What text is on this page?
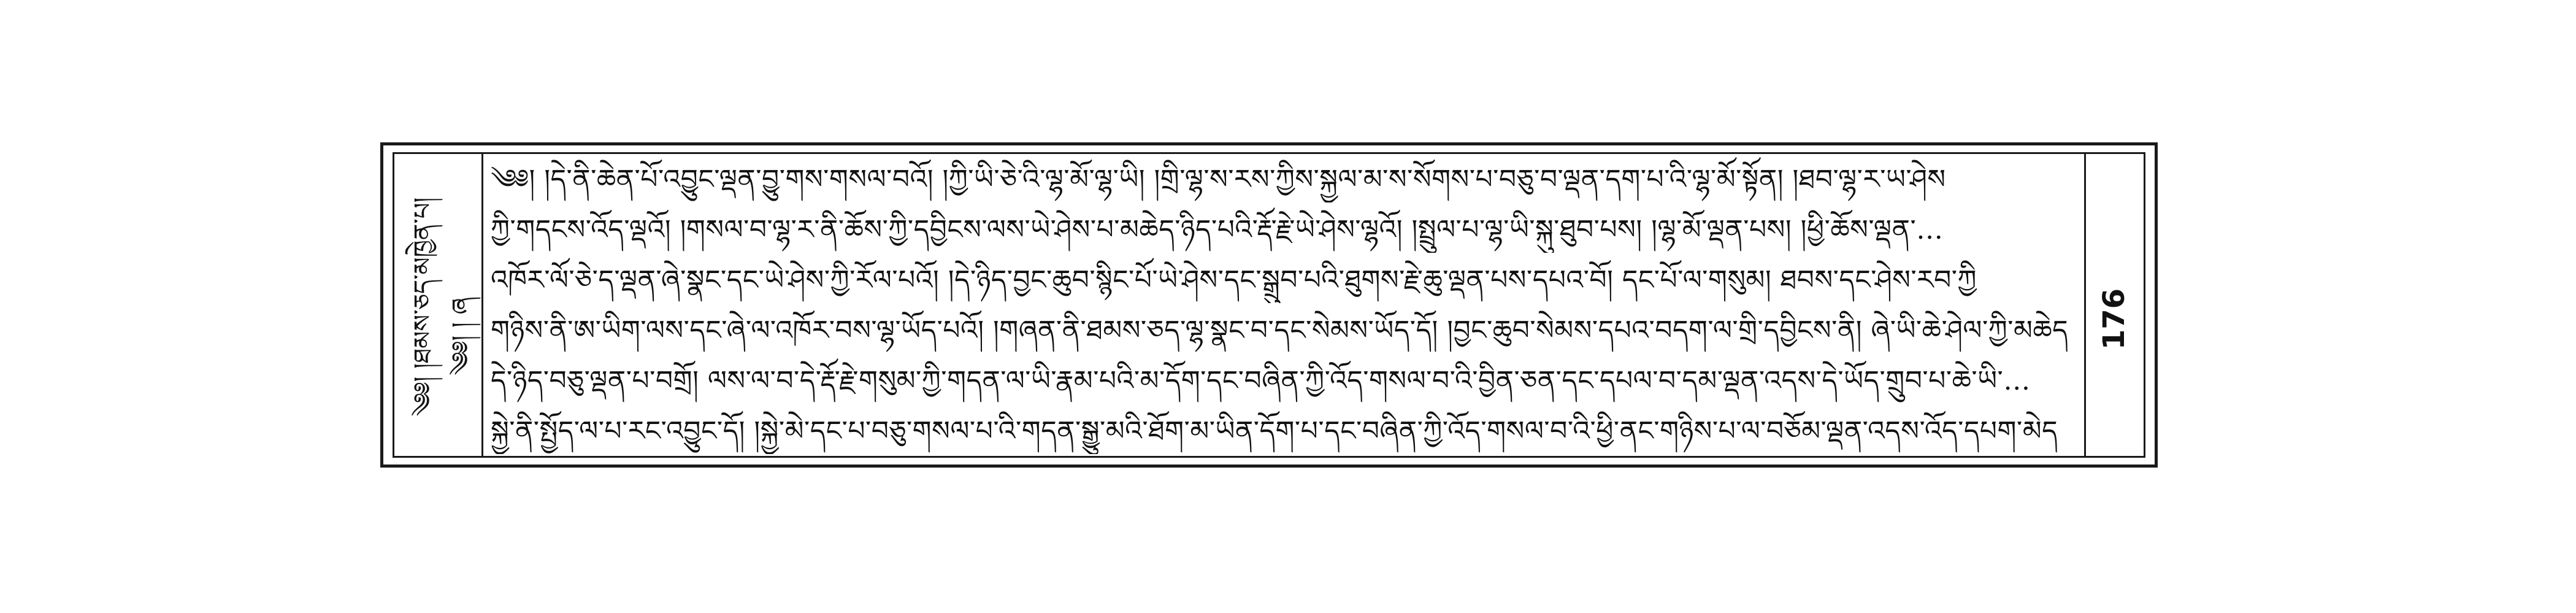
༄༅། །ཐམས་ཅད་མཁྱེན་པ། ༄༅། ། ཞ	176
༄༅། །དེ་ནི་ཆེན་པོ་འབྱུང་ལྡན་བྱུ་གས་གསལ་བའོ། །ཀྱི་ཡི་ཅེ་འི་ལྷ་མོ་ལྷ་ཡི། །གྲི་ལྷ་ས་རས་ཀྱིས་སྐྱལ་མ་ས་སོགས་པ་བཅུ་བ་ལྡན་དག་པ་འི་ལྷ་མོ་སྟོན། །ཐབ་ལྷ་ར་ཡ་ཤེས
ཀྱི་གདངས་འོད་ལྡའོ། །གསལ་བ་ལྷ་ར་ནི་ཆོས་ཀྱི་དབྱིངས་ལས་ཡེ་ཤེས་པ་མཆེད་ཉིད་པའི་རྡོ་རྗེ་ཡེ་ཤེས་ལྷའོ། །སྤྲུལ་པ་ལྷ་ཡི་སྐུ་ཐུབ་པས། །ལྷ་མོ་ལྡན་པས། །ཕྱི་ཆོས་ལྡན་…
འཁོར་ལོ་ཅེ་ད་ལྡན་ཞེ་སྣང་དང་ཡེ་ཤེས་ཀྱི་རོལ་པའོ། །དེ་ཉིད་བྱང་ཆུབ་སྙིང་པོ་ཡེ་ཤེས་དང་སྒྲུབ་པའི་ཐུགས་རྗེ་ཆུ་ལྡན་པས་དཔའ་བོ། དང་པོ་ལ་གསུམ། ཐབས་དང་ཤེས་རབ་ཀྱི
གཉིས་ནི་ཨ་ཡིག་ལས་དང་ཞེ་ལ་འཁོར་བས་ལྷ་ཡོད་པའོ། །གཞན་ནི་ཐམས་ཅད་ལྷ་སྣང་བ་དང་སེམས་ཡོད་དོ། །བྱང་ཆུབ་སེམས་དཔའ་བདག་ལ་གྲི་དབྱིངས་ནི། ཞེ་ཡི་ཆེ་ཤེལ་ཀྱི་མཆེད
དེ་ཉིད་བཅུ་ལྡན་པ་བགྲོ། ལས་ལ་བ་དེ་རྡོ་རྗེ་གསུམ་ཀྱི་གདན་ལ་ཡི་རྣམ་པའི་མ་དོག་དང་བཞིན་ཀྱི་འོད་གསལ་བ་འི་བྱིན་ཅན་དང་དཔལ་བ་དམ་ལྡན་འདས་དེ་ཡོད་གྲུབ་པ་ཆེ་ཡི་…
སྐྱེ་ནི་སྤྱོད་ལ་པ་རང་འབྱུང་དོ། །སྐྱེ་མེ་དང་པ་བཅུ་གསལ་པ་འི་གདན་སྒྱུ་མའི་ཐོག་མ་ཡིན་དོག་པ་དང་བཞིན་ཀྱི་འོད་གསལ་བ་འི་ཕྱི་ནང་གཉིས་པ་ལ་བཅོམ་ལྡན་འདས་འོད་དཔག་མེད
